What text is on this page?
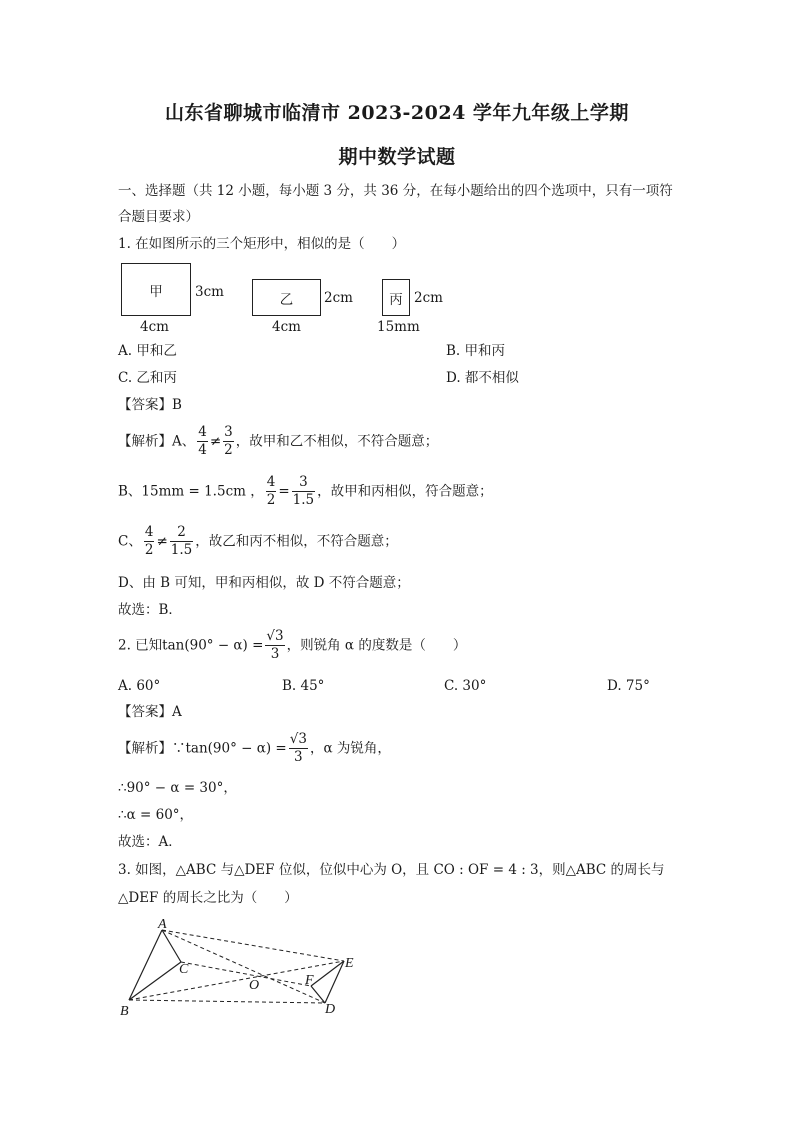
山东省聊城市临清市 2023-2024 学年九年级上学期
期中数学试题
一、选择题（共 12 小题，每小题 3 分，共 36 分，在每小题给出的四个选项中，只有一项符
合题目要求）
1. 在如图所示的三个矩形中，相似的是（　　）
甲	3cm
4cm
乙	2cm
4cm
丙 2cm
15mm
A. 甲和乙	B. 甲和丙
C. 乙和丙	D. 都不相似
【答案】B
【解析】A、 $\frac{4}{4} \ne \frac{3}{2}$ ，故甲和乙不相似，不符合题意；
B、15mm = 1.5cm ， $\frac{4}{2} = \frac{3}{1.5}$ ，故甲和丙相似，符合题意；
C、 $\frac{4}{2} \ne \frac{2}{1.5}$ ，故乙和丙不相似，不符合题意；
D、由 B 可知，甲和丙相似，故 D 不符合题意；
故选：B．
2. 已知$\tan(90^\circ - \alpha) = \frac{√3}{3}$ ，则锐角 α 的度数是（　　）
A. 60°	B. 45°	C. 30°	D. 75°
【答案】A
【解析】∵tan(90° − $\alpha) = \frac{√3}{3}$ ，α 为锐角，
∴90° − α = 30°，
∴α = 60°，
故选：A．
3. 如图，△ABC 与△DEF 位似，位似中心为 O，且 CO : OF = 4 : 3，则△ABC 的周长与
△DEF 的周长之比为（　　）
A
B
C
O	F
E
D
